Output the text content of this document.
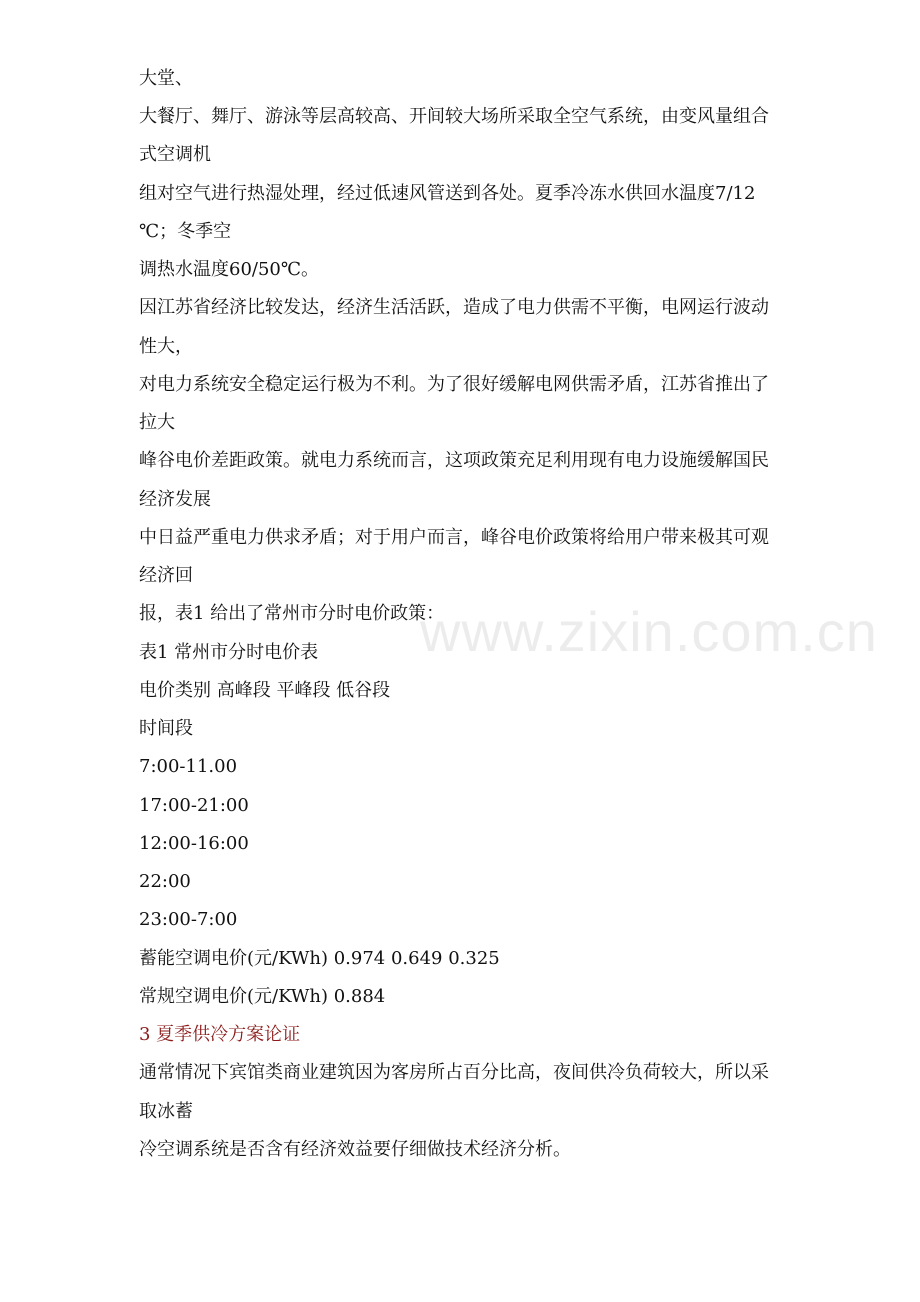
大堂、
大餐厅、舞厅、游泳等层高较高、开间较大场所采取全空气系统，由变风量组合
式空调机
组对空气进行热湿处理，经过低速风管送到各处。夏季冷冻水供回水温度7/12
℃；冬季空
调热水温度60/50℃。
因江苏省经济比较发达，经济生活活跃，造成了电力供需不平衡，电网运行波动
性大，
对电力系统安全稳定运行极为不利。为了很好缓解电网供需矛盾，江苏省推出了
拉大
峰谷电价差距政策。就电力系统而言，这项政策充足利用现有电力设施缓解国民
经济发展
中日益严重电力供求矛盾；对于用户而言，峰谷电价政策将给用户带来极其可观
经济回
报，表1 给出了常州市分时电价政策：
表1 常州市分时电价表
电价类别 高峰段 平峰段 低谷段
时间段
7:00-11.00
17:00-21:00
12:00-16:00
22:00
23:00-7:00
蓄能空调电价(元/KWh) 0.974 0.649 0.325
常规空调电价(元/KWh) 0.884
3 夏季供冷方案论证
通常情况下宾馆类商业建筑因为客房所占百分比高，夜间供冷负荷较大，所以采
取冰蓄
冷空调系统是否含有经济效益要仔细做技术经济分析。
www.zixin.com.cn
